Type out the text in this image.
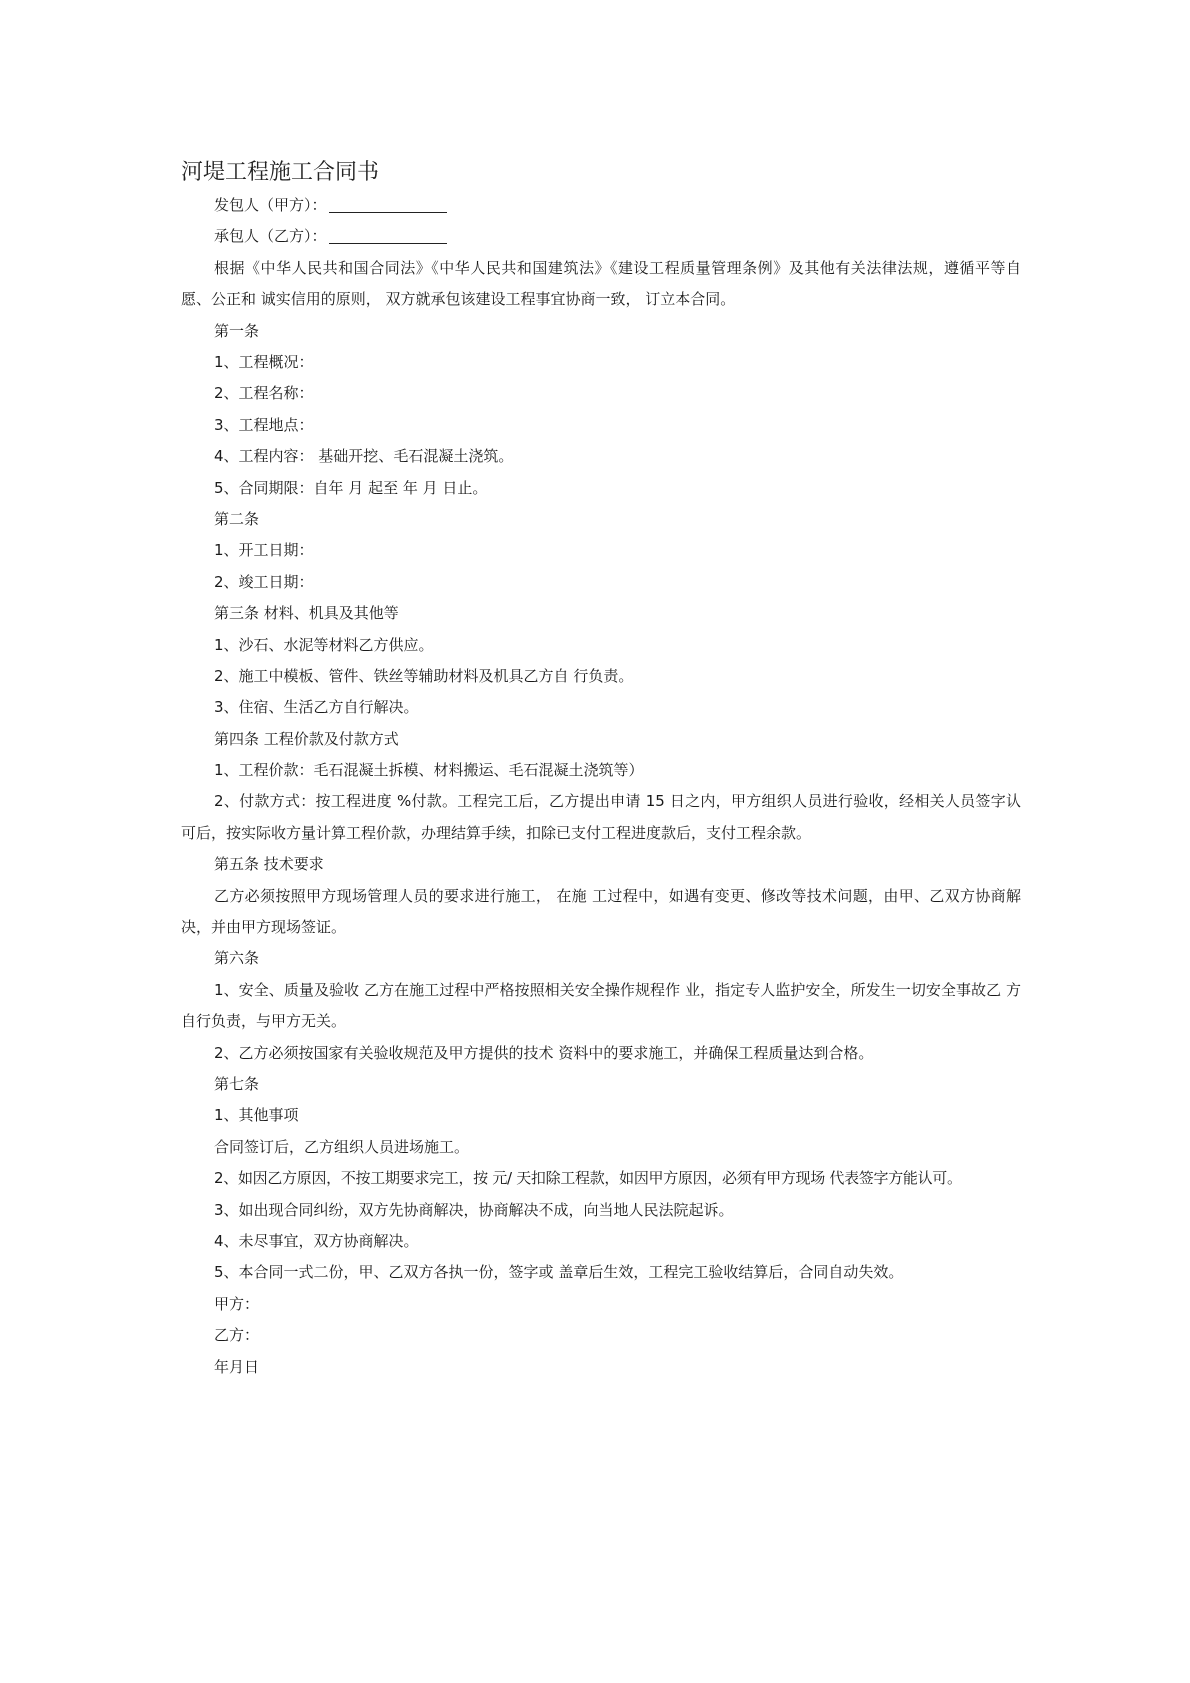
河堤工程施工合同书

发包人（甲方）：

承包人（乙方）：

根据《中华人民共和国合同法》《中华人民共和国建筑法》《建设工程质量管理条例》及其他有关法律法规，遵循平等自愿、公正和 诚实信用的原则， 双方就承包该建设工程事宜协商一致， 订立本合同。

第一条

1、工程概况：

2、工程名称：

3、工程地点：

4、工程内容： 基础开挖、毛石混凝土浇筑。

5、合同期限：自年 月 起至 年 月 日止。

第二条

1、开工日期：

2、竣工日期：

第三条 材料、机具及其他等

1、沙石、水泥等材料乙方供应。

2、施工中模板、管件、铁丝等辅助材料及机具乙方自 行负责。

3、住宿、生活乙方自行解决。

第四条 工程价款及付款方式

1、工程价款：毛石混凝土拆模、材料搬运、毛石混凝土浇筑等）

2、付款方式：按工程进度 %付款。工程完工后，乙方提出申请 15 日之内，甲方组织人员进行验收，经相关人员签字认可后，按实际收方量计算工程价款，办理结算手续，扣除已支付工程进度款后，支付工程余款。

第五条 技术要求

乙方必须按照甲方现场管理人员的要求进行施工， 在施 工过程中，如遇有变更、修改等技术问题，由甲、乙双方协商解决，并由甲方现场签证。

第六条

1、安全、质量及验收 乙方在施工过程中严格按照相关安全操作规程作 业，指定专人监护安全，所发生一切安全事故乙 方自行负责，与甲方无关。

2、乙方必须按国家有关验收规范及甲方提供的技术 资料中的要求施工，并确保工程质量达到合格。

第七条

1、其他事项

合同签订后，乙方组织人员进场施工。

2、如因乙方原因，不按工期要求完工，按 元/ 天扣除工程款，如因甲方原因，必须有甲方现场 代表签字方能认可。

3、如出现合同纠纷，双方先协商解决，协商解决不成，向当地人民法院起诉。

4、未尽事宜，双方协商解决。

5、本合同一式二份，甲、乙双方各执一份，签字或 盖章后生效，工程完工验收结算后，合同自动失效。

甲方：

乙方：

年月日
